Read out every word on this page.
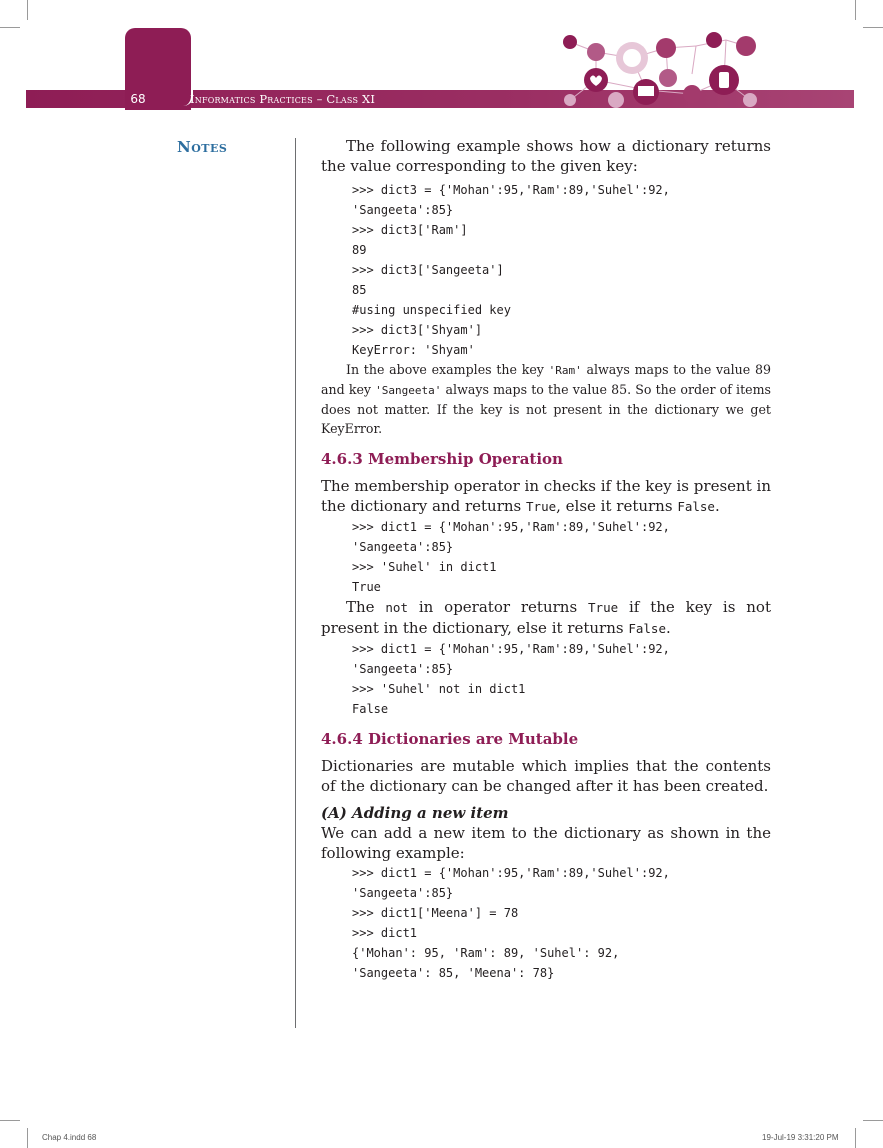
68	Informatics Practices – Class XI
Notes	The following example shows how a dictionary returns the value corresponding to the given key:

>>> dict3 = {'Mohan':95,'Ram':89,'Suhel':92,
'Sangeeta':85}
>>> dict3['Ram']
89
>>> dict3['Sangeeta']
85
#using unspecified key
>>> dict3['Shyam']
KeyError: 'Shyam'

In the above examples the key 'Ram' always maps to the value 89 and key 'Sangeeta' always maps to the value 85. So the order of items does not matter. If the key is not present in the dictionary we get KeyError.

4.6.3 Membership Operation

The membership operator in checks if the key is present in the dictionary and returns True, else it returns False.

>>> dict1 = {'Mohan':95,'Ram':89,'Suhel':92,
'Sangeeta':85}
>>> 'Suhel' in dict1
True

The not in operator returns True if the key is not present in the dictionary, else it returns False.

>>> dict1 = {'Mohan':95,'Ram':89,'Suhel':92,
'Sangeeta':85}
>>> 'Suhel' not in dict1
False
4.6.4 Dictionaries are Mutable

Dictionaries are mutable which implies that the contents of the dictionary can be changed after it has been created.

(A) Adding a new item

We can add a new item to the dictionary as shown in the following example:

>>> dict1 = {'Mohan':95,'Ram':89,'Suhel':92,
'Sangeeta':85}
>>> dict1['Meena'] = 78
>>> dict1
{'Mohan': 95, 'Ram': 89, 'Suhel': 92,
'Sangeeta': 85, 'Meena': 78}
Chap 4.indd 68	19-Jul-19 3:31:20 PM
